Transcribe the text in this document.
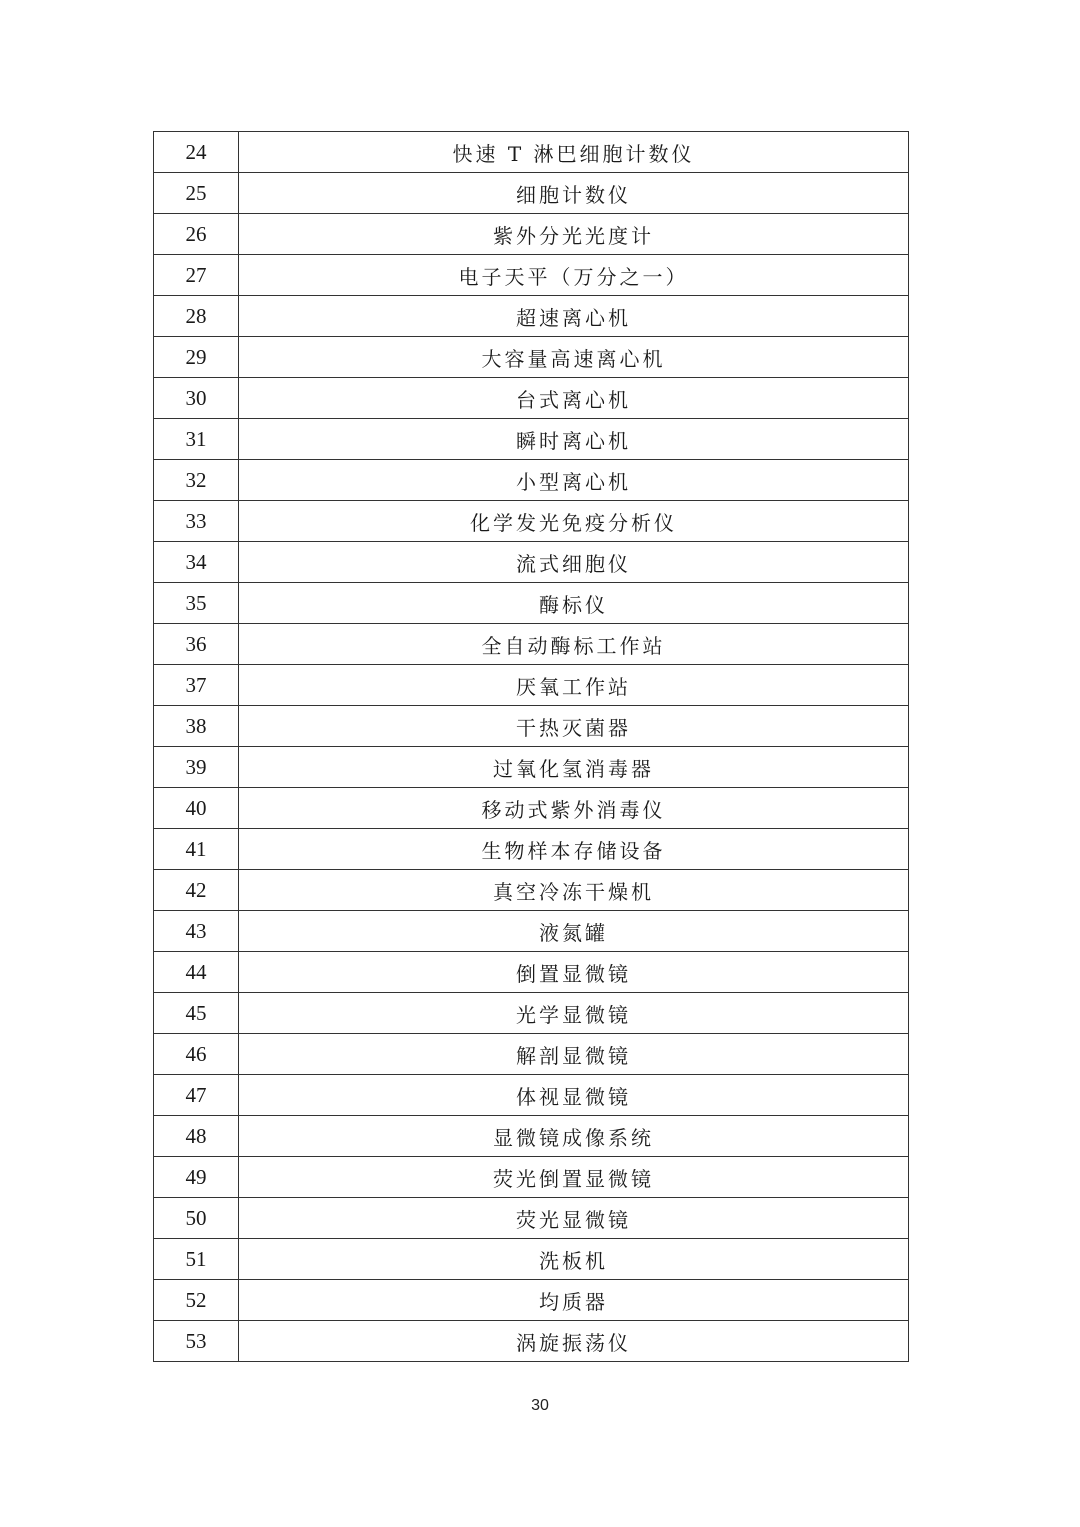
24	快速 T 淋巴细胞计数仪
25	细胞计数仪
26	紫外分光光度计
27	电子天平（万分之一）
28	超速离心机
29	大容量高速离心机
30	台式离心机
31	瞬时离心机
32	小型离心机
33	化学发光免疫分析仪
34	流式细胞仪
35	酶标仪
36	全自动酶标工作站
37	厌氧工作站
38	干热灭菌器
39	过氧化氢消毒器
40	移动式紫外消毒仪
41	生物样本存储设备
42	真空冷冻干燥机
43	液氮罐
44	倒置显微镜
45	光学显微镜
46	解剖显微镜
47	体视显微镜
48	显微镜成像系统
49	荧光倒置显微镜
50	荧光显微镜
51	洗板机
52	均质器
53	涡旋振荡仪
30
